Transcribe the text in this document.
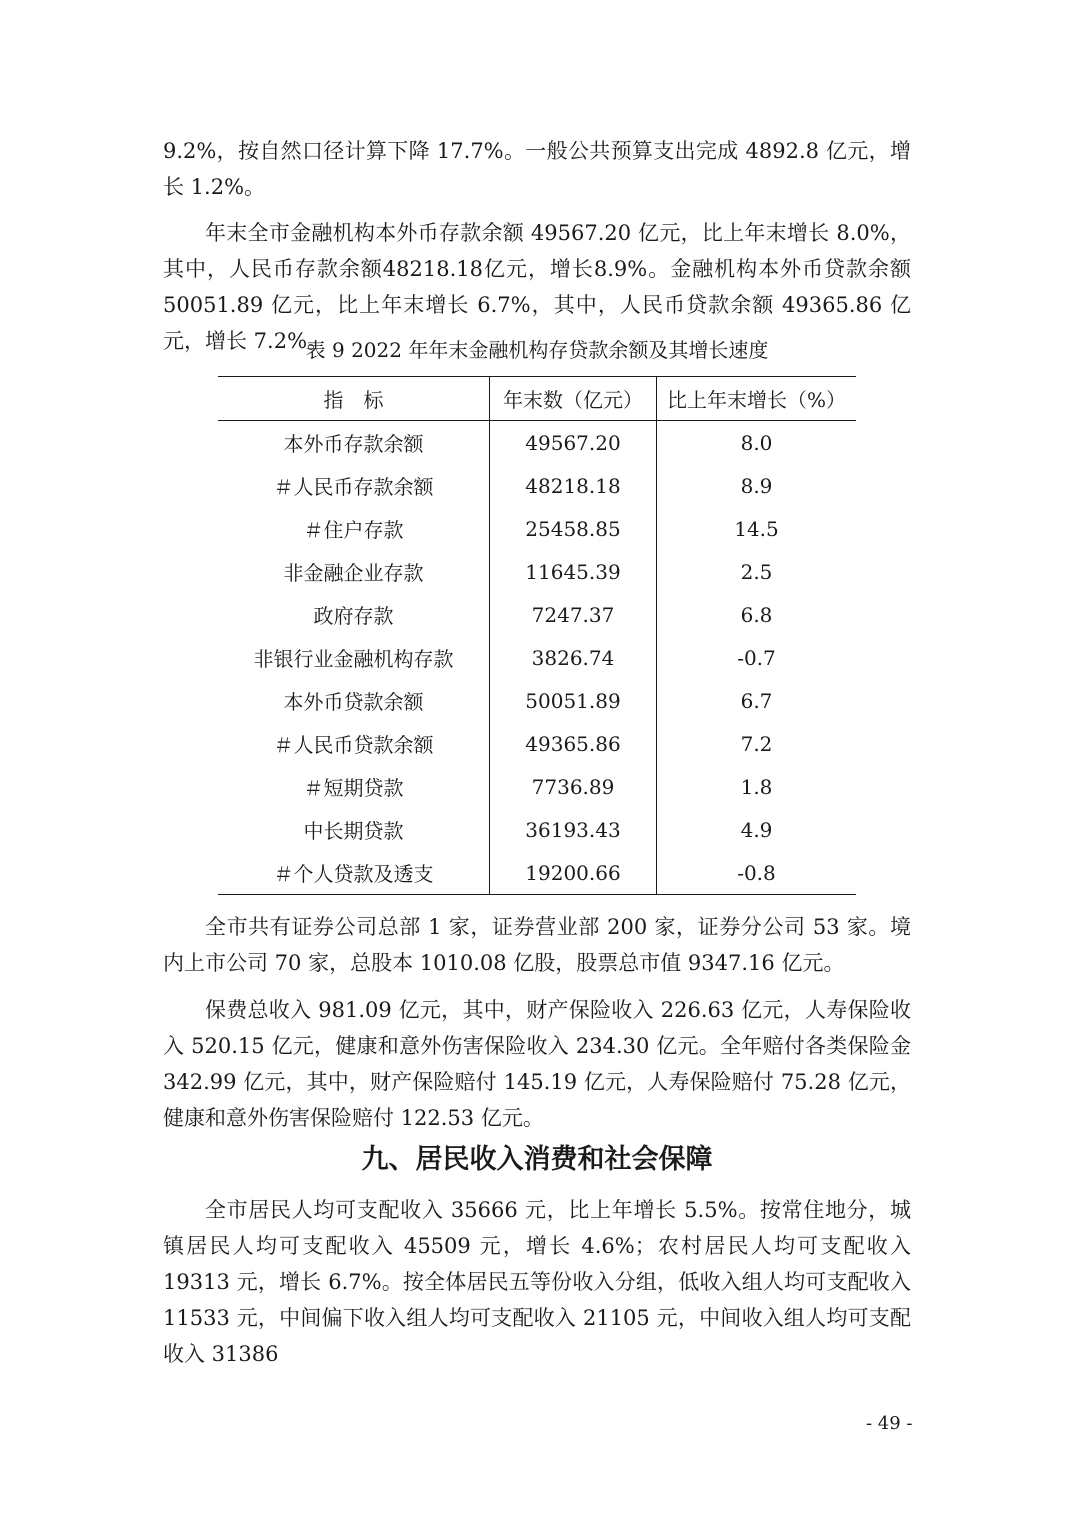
9.2%，按自然口径计算下降 17.7%。一般公共预算支出完成 4892.8 亿元，增长 1.2%。

年末全市金融机构本外币存款余额 49567.20 亿元，比上年末增长 8.0%，其中，人民币存款余额48218.18亿元，增长8.9%。金融机构本外币贷款余额50051.89 亿元，比上年末增长 6.7%，其中，人民币贷款余额 49365.86 亿元，增长 7.2%。

表 9 2022 年年末金融机构存贷款余额及其增长速度
指　标	年末数（亿元）	比上年末增长（%）
本外币存款余额	49567.20	8.0
＃人民币存款余额	48218.18	8.9
＃住户存款	25458.85	14.5
非金融企业存款	11645.39	2.5
政府存款	7247.37	6.8
非银行业金融机构存款	3826.74	-0.7
本外币贷款余额	50051.89	6.7
＃人民币贷款余额	49365.86	7.2
＃短期贷款	7736.89	1.8
中长期贷款	36193.43	4.9
＃个人贷款及透支	19200.66	-0.8

全市共有证券公司总部 1 家，证券营业部 200 家，证券分公司 53 家。境内上市公司 70 家，总股本 1010.08 亿股，股票总市值 9347.16 亿元。

保费总收入 981.09 亿元，其中，财产保险收入 226.63 亿元，人寿保险收入 520.15 亿元，健康和意外伤害保险收入 234.30 亿元。全年赔付各类保险金 342.99 亿元，其中，财产保险赔付 145.19 亿元，人寿保险赔付 75.28 亿元，健康和意外伤害保险赔付 122.53 亿元。

九、居民收入消费和社会保障

全市居民人均可支配收入 35666 元，比上年增长 5.5%。按常住地分，城镇居民人均可支配收入 45509 元，增长 4.6%；农村居民人均可支配收入 19313 元，增长 6.7%。按全体居民五等份收入分组，低收入组人均可支配收入 11533 元，中间偏下收入组人均可支配收入 21105 元，中间收入组人均可支配收入 31386

- 49 -
